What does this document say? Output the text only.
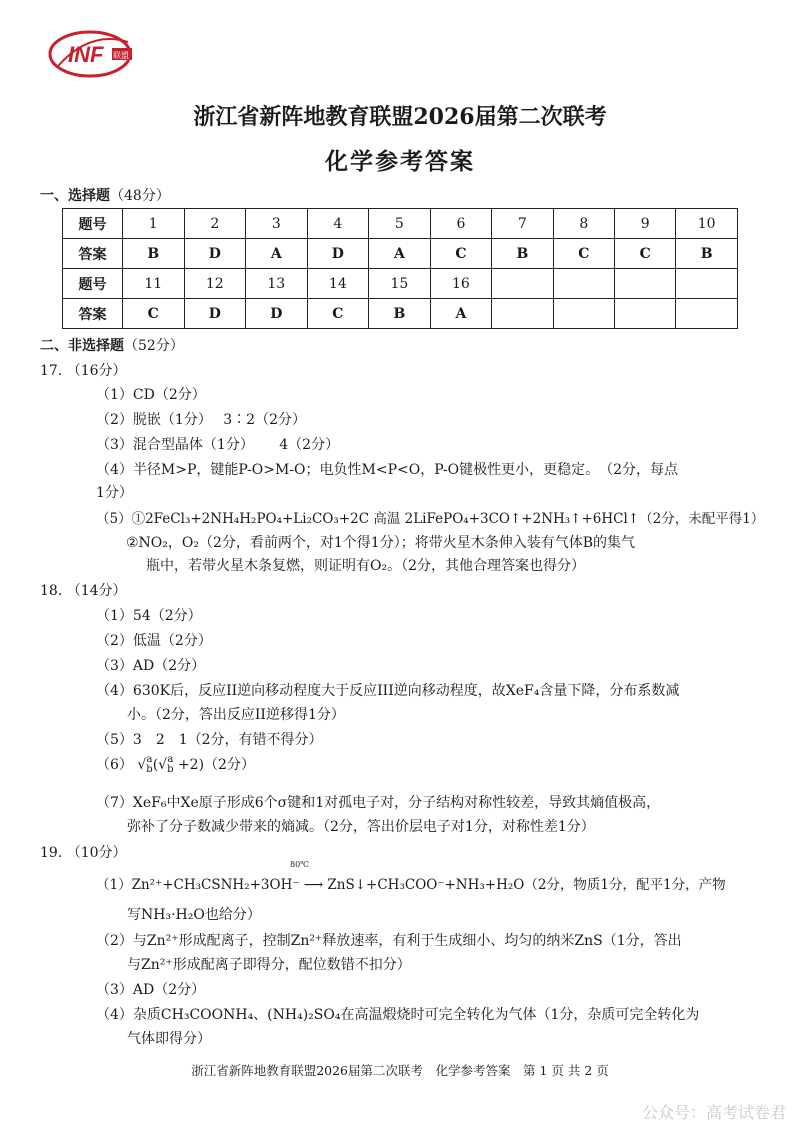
INF 联盟
浙江省新阵地教育联盟2026届第二次联考
化学参考答案
一、选择题（48分）
题号	1	2	3	4	5	6	7	8	9	10
答案	B	D	A	D	A	C	B	C	C	B
题号	11	12	13	14	15	16				
答案	C	D	D	C	B	A				
二、非选择题（52分）
17. （16分）
（1）CD（2分）
（2）脱嵌（1分）　 3∶2（2分）
（3）混合型晶体（1分）　　 4（2分）
（4）半径M>P，键能P-O>M-O；电负性M<P<O，P-O键极性更小，更稳定。　（2分，每点
1分）
（5）①2FeCl₃+2NH₄H₂PO₄+Li₂CO₃+2C 高温 2LiFePO₄+3CO↑+2NH₃↑+6HCl↑（2分，未配平得1）
②NO₂，O₂（2分，看前两个，对1个得1分）；将带火星木条伸入装有气体B的集气
瓶中，若带火星木条复燃，则证明有O₂。（2分，其他合理答案也得分）
18. （14分）
（1）54（2分）
（2）低温（2分）
（3）AD（2分）
（4）630K后，反应II逆向移动程度大于反应III逆向移动程度，故XeF₄含量下降，分布系数减
小。（2分，答出反应II逆移得1分）
（5）3　2　1（2分，有错不得分）
（6） √a
b(√a
b +2)（2分）
（7）XeF₆中Xe原子形成6个σ键和1对孤电子对，分子结构对称性较差，导致其熵值极高，
弥补了分子数减少带来的熵减。（2分，答出价层电子对1分，对称性差1分）
19. （10分）
80℃
（1）Zn²⁺+CH₃CSNH₂+3OH⁻ ⟶ ZnS↓+CH₃COO⁻+NH₃+H₂O（2分，物质1分，配平1分，产物
写NH₃·H₂O也给分）
（2）与Zn²⁺形成配离子，控制Zn²⁺释放速率，有利于生成细小、均匀的纳米ZnS（1分，答出
与Zn²⁺形成配离子即得分，配位数错不扣分）
（3）AD（2分）
（4）杂质CH₃COONH₄、(NH₄)₂SO₄在高温煅烧时可完全转化为气体（1分，杂质可完全转化为
气体即得分）
浙江省新阵地教育联盟2026届第二次联考　化学参考答案　第 1 页 共 2 页
公众号：高考试卷君
